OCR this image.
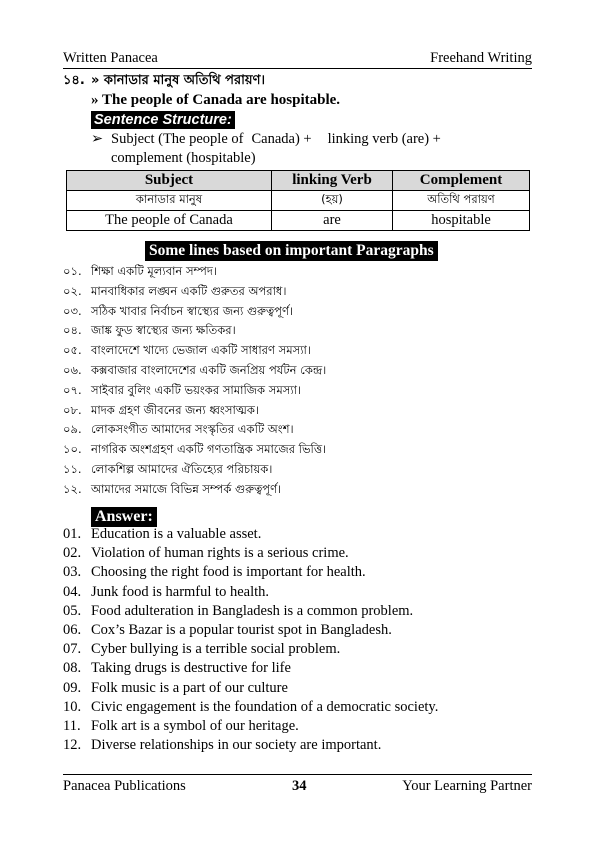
Written Panacea	Freehand Writing
১৪. » কানাডার মানুষ অতিথি পরায়ণ।
» The people of Canada are hospitable.
Sentence Structure:
➢ Subject (The people of Canada) + linking verb (are) +
complement (hospitable)
Subject	linking Verb	Complement
কানাডার মানুষ	(হয়)	অতিথি পরায়ণ
The people of Canada	are	hospitable
Some lines based on important Paragraphs
০১. শিক্ষা একটি মূল্যবান সম্পদ।
০২. মানবাধিকার লঙ্ঘন একটি গুরুতর অপরাধ।
০৩. সঠিক খাবার নির্বাচন স্বাস্থ্যের জন্য গুরুত্বপূর্ণ।
০৪. জাঙ্ক ফুড স্বাস্থ্যের জন্য ক্ষতিকর।
০৫. বাংলাদেশে খাদ্যে ভেজাল একটি সাধারণ সমস্যা।
০৬. কক্সবাজার বাংলাদেশের একটি জনপ্রিয় পর্যটন কেন্দ্র।
০৭. সাইবার বুলিং একটি ভয়ংকর সামাজিক সমস্যা।
০৮. মাদক গ্রহণ জীবনের জন্য ধ্বংসাত্মক।
০৯. লোকসংগীত আমাদের সংস্কৃতির একটি অংশ।
১০. নাগরিক অংশগ্রহণ একটি গণতান্ত্রিক সমাজের ভিত্তি।
১১. লোকশিল্প আমাদের ঐতিহ্যের পরিচায়ক।
১২. আমাদের সমাজে বিভিন্ন সম্পর্ক গুরুত্বপূর্ণ।
Answer:
01. Education is a valuable asset.
02. Violation of human rights is a serious crime.
03. Choosing the right food is important for health.
04. Junk food is harmful to health.
05. Food adulteration in Bangladesh is a common problem.
06. Cox’s Bazar is a popular tourist spot in Bangladesh.
07. Cyber bullying is a terrible social problem.
08. Taking drugs is destructive for life
09. Folk music is a part of our culture
10. Civic engagement is the foundation of a democratic society.
11. Folk art is a symbol of our heritage.
12. Diverse relationships in our society are important.
Panacea Publications	34	Your Learning Partner
